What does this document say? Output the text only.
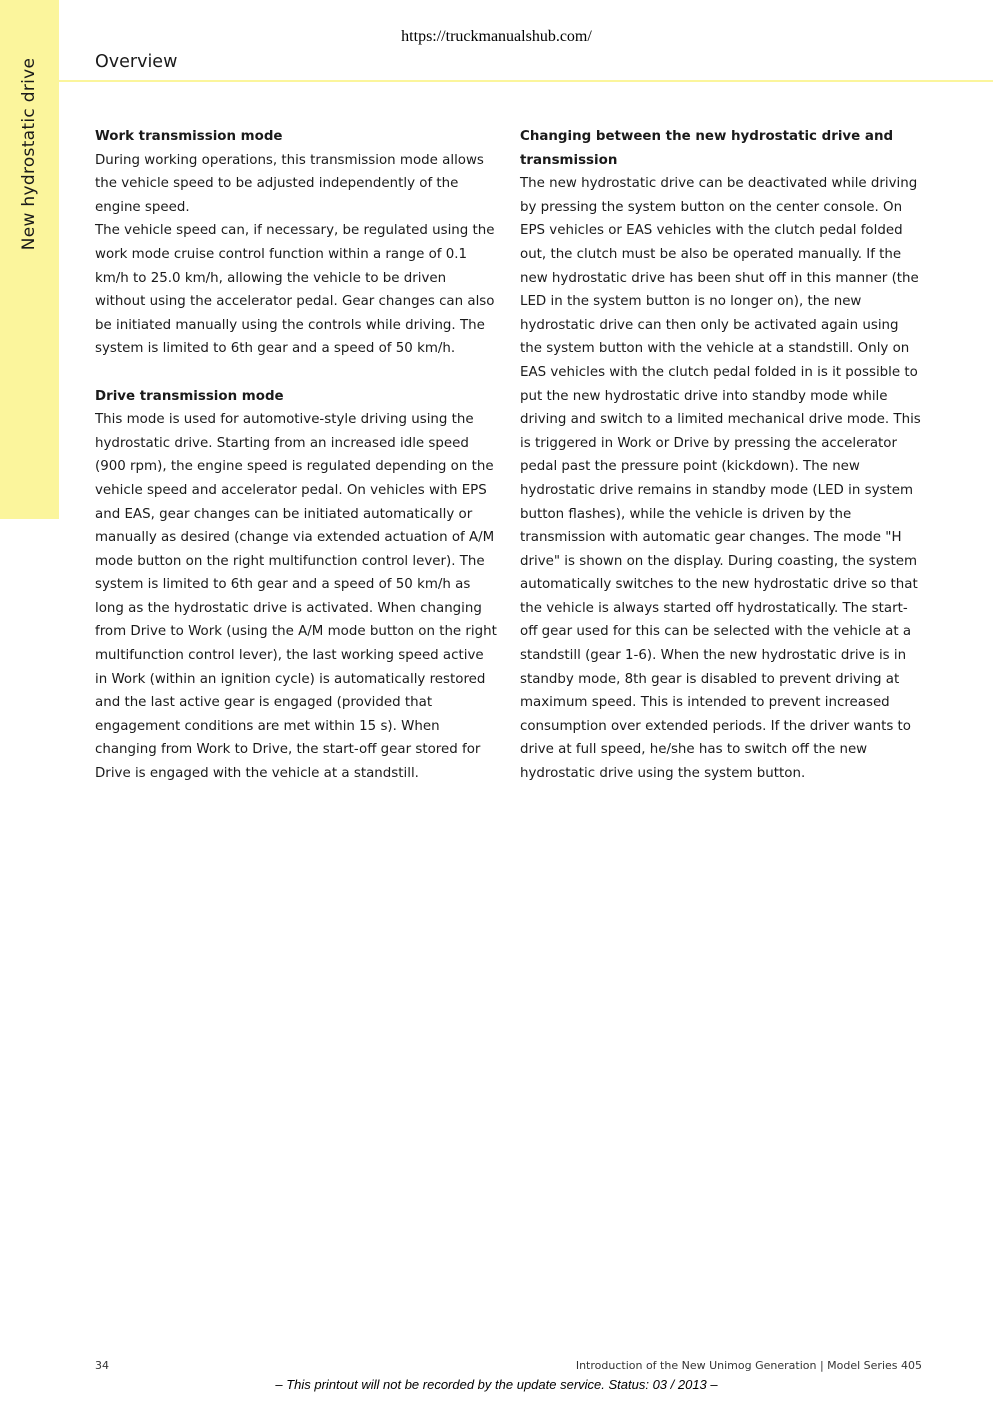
New hydrostatic drive
https://truckmanualshub.com/
Overview

Work transmission mode

During working operations, this transmission mode allows the vehicle speed to be adjusted independently of the engine speed.

The vehicle speed can, if necessary, be regulated using the work mode cruise control function within a range of 0.1 km/h to 25.0 km/h, allowing the vehicle to be driven without using the accelerator pedal. Gear changes can also be initiated manually using the controls while driving. The system is limited to 6th gear and a speed of 50 km/h.

Drive transmission mode

This mode is used for automotive-style driving using the hydrostatic drive. Starting from an increased idle speed (900 rpm), the engine speed is regulated depending on the vehicle speed and accelerator pedal. On vehicles with EPS and EAS, gear changes can be initiated automatically or manually as desired (change via extended actuation of A/M mode button on the right multifunction control lever). The system is limited to 6th gear and a speed of 50 km/h as long as the hydrostatic drive is activated. When changing from Drive to Work (using the A/M mode button on the right multifunction control lever), the last working speed active in Work (within an ignition cycle) is automatically restored and the last active gear is engaged (provided that engagement conditions are met within 15 s). When changing from Work to Drive, the start-off gear stored for Drive is engaged with the vehicle at a standstill.

Changing between the new hydrostatic drive and transmission

The new hydrostatic drive can be deactivated while driving by pressing the system button on the center console. On EPS vehicles or EAS vehicles with the clutch pedal folded out, the clutch must be also be operated manually. If the new hydrostatic drive has been shut off in this manner (the LED in the system button is no longer on), the new hydrostatic drive can then only be activated again using the system button with the vehicle at a standstill. Only on EAS vehicles with the clutch pedal folded in is it possible to put the new hydrostatic drive into standby mode while driving and switch to a limited mechanical drive mode. This is triggered in Work or Drive by pressing the accelerator pedal past the pressure point (kickdown). The new hydrostatic drive remains in standby mode (LED in system button flashes), while the vehicle is driven by the transmission with automatic gear changes. The mode "H drive" is shown on the display. During coasting, the system automatically switches to the new hydrostatic drive so that the vehicle is always started off hydrostatically. The start-off gear used for this can be selected with the vehicle at a standstill (gear 1-6). When the new hydrostatic drive is in standby mode, 8th gear is disabled to prevent driving at maximum speed. This is intended to prevent increased consumption over extended periods. If the driver wants to drive at full speed, he/she has to switch off the new hydrostatic drive using the system button.

34	Introduction of the New Unimog Generation | Model Series 405
– This printout will not be recorded by the update service. Status: 03 / 2013 –
